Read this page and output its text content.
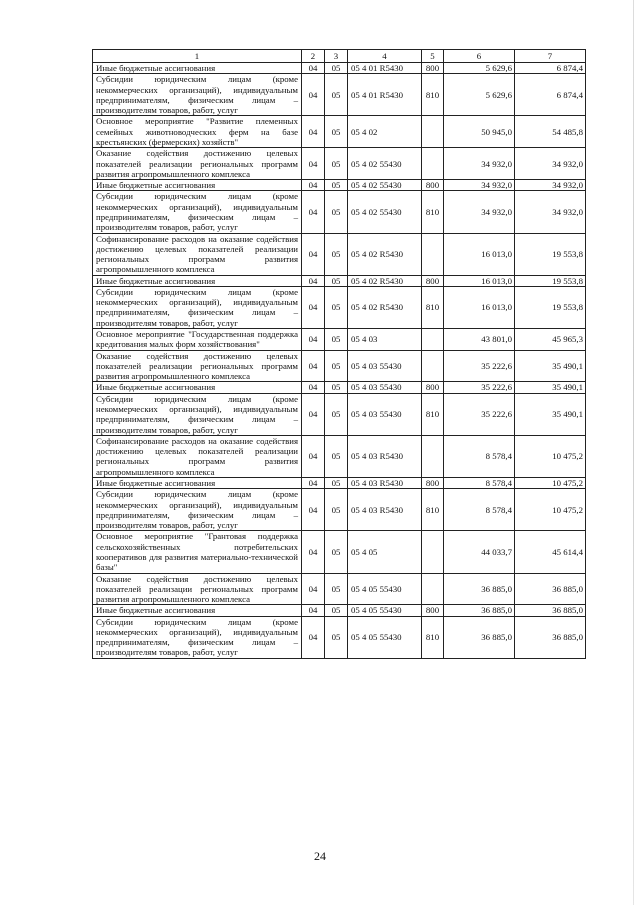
1	2	3	4	5	6	7
Иные бюджетные ассигнования	04	05	05 4 01 R5430	800	5 629,6	6 874,4
Субсидии юридическим лицам (кроме некоммерческих организаций), индивидуальным предпринимателям, физическим лицам – производителям товаров, работ, услуг	04	05	05 4 01 R5430	810	5 629,6	6 874,4
Основное мероприятие "Развитие племенных семейных животноводческих ферм на базе крестьянских (фермерских) хозяйств"	04	05	05 4 02		50 945,0	54 485,8
Оказание содействия достижению целевых показателей реализации региональных программ развития агропромышленного комплекса	04	05	05 4 02 55430		34 932,0	34 932,0
Иные бюджетные ассигнования	04	05	05 4 02 55430	800	34 932,0	34 932,0
Субсидии юридическим лицам (кроме некоммерческих организаций), индивидуальным предпринимателям, физическим лицам – производителям товаров, работ, услуг	04	05	05 4 02 55430	810	34 932,0	34 932,0
Софинансирование расходов на оказание содействия достижению целевых показателей реализации региональных программ развития агропромышленного комплекса	04	05	05 4 02 R5430		16 013,0	19 553,8
Иные бюджетные ассигнования	04	05	05 4 02 R5430	800	16 013,0	19 553,8
Субсидии юридическим лицам (кроме некоммерческих организаций), индивидуальным предпринимателям, физическим лицам – производителям товаров, работ, услуг	04	05	05 4 02 R5430	810	16 013,0	19 553,8
Основное мероприятие "Государственная поддержка кредитования малых форм хозяйствования"	04	05	05 4 03		43 801,0	45 965,3
Оказание содействия достижению целевых показателей реализации региональных программ развития агропромышленного комплекса	04	05	05 4 03 55430		35 222,6	35 490,1
Иные бюджетные ассигнования	04	05	05 4 03 55430	800	35 222,6	35 490,1
Субсидии юридическим лицам (кроме некоммерческих организаций), индивидуальным предпринимателям, физическим лицам – производителям товаров, работ, услуг	04	05	05 4 03 55430	810	35 222,6	35 490,1
Софинансирование расходов на оказание содействия достижению целевых показателей реализации региональных программ развития агропромышленного комплекса	04	05	05 4 03 R5430		8 578,4	10 475,2
Иные бюджетные ассигнования	04	05	05 4 03 R5430	800	8 578,4	10 475,2
Субсидии юридическим лицам (кроме некоммерческих организаций), индивидуальным предпринимателям, физическим лицам – производителям товаров, работ, услуг	04	05	05 4 03 R5430	810	8 578,4	10 475,2
Основное мероприятие "Грантовая поддержка сельскохозяйственных потребительских кооперативов для развития материально-технической базы"	04	05	05 4 05		44 033,7	45 614,4
Оказание содействия достижению целевых показателей реализации региональных программ развития агропромышленного комплекса	04	05	05 4 05 55430		36 885,0	36 885,0
Иные бюджетные ассигнования	04	05	05 4 05 55430	800	36 885,0	36 885,0
Субсидии юридическим лицам (кроме некоммерческих организаций), индивидуальным предпринимателям, физическим лицам – производителям товаров, работ, услуг	04	05	05 4 05 55430	810	36 885,0	36 885,0
24
